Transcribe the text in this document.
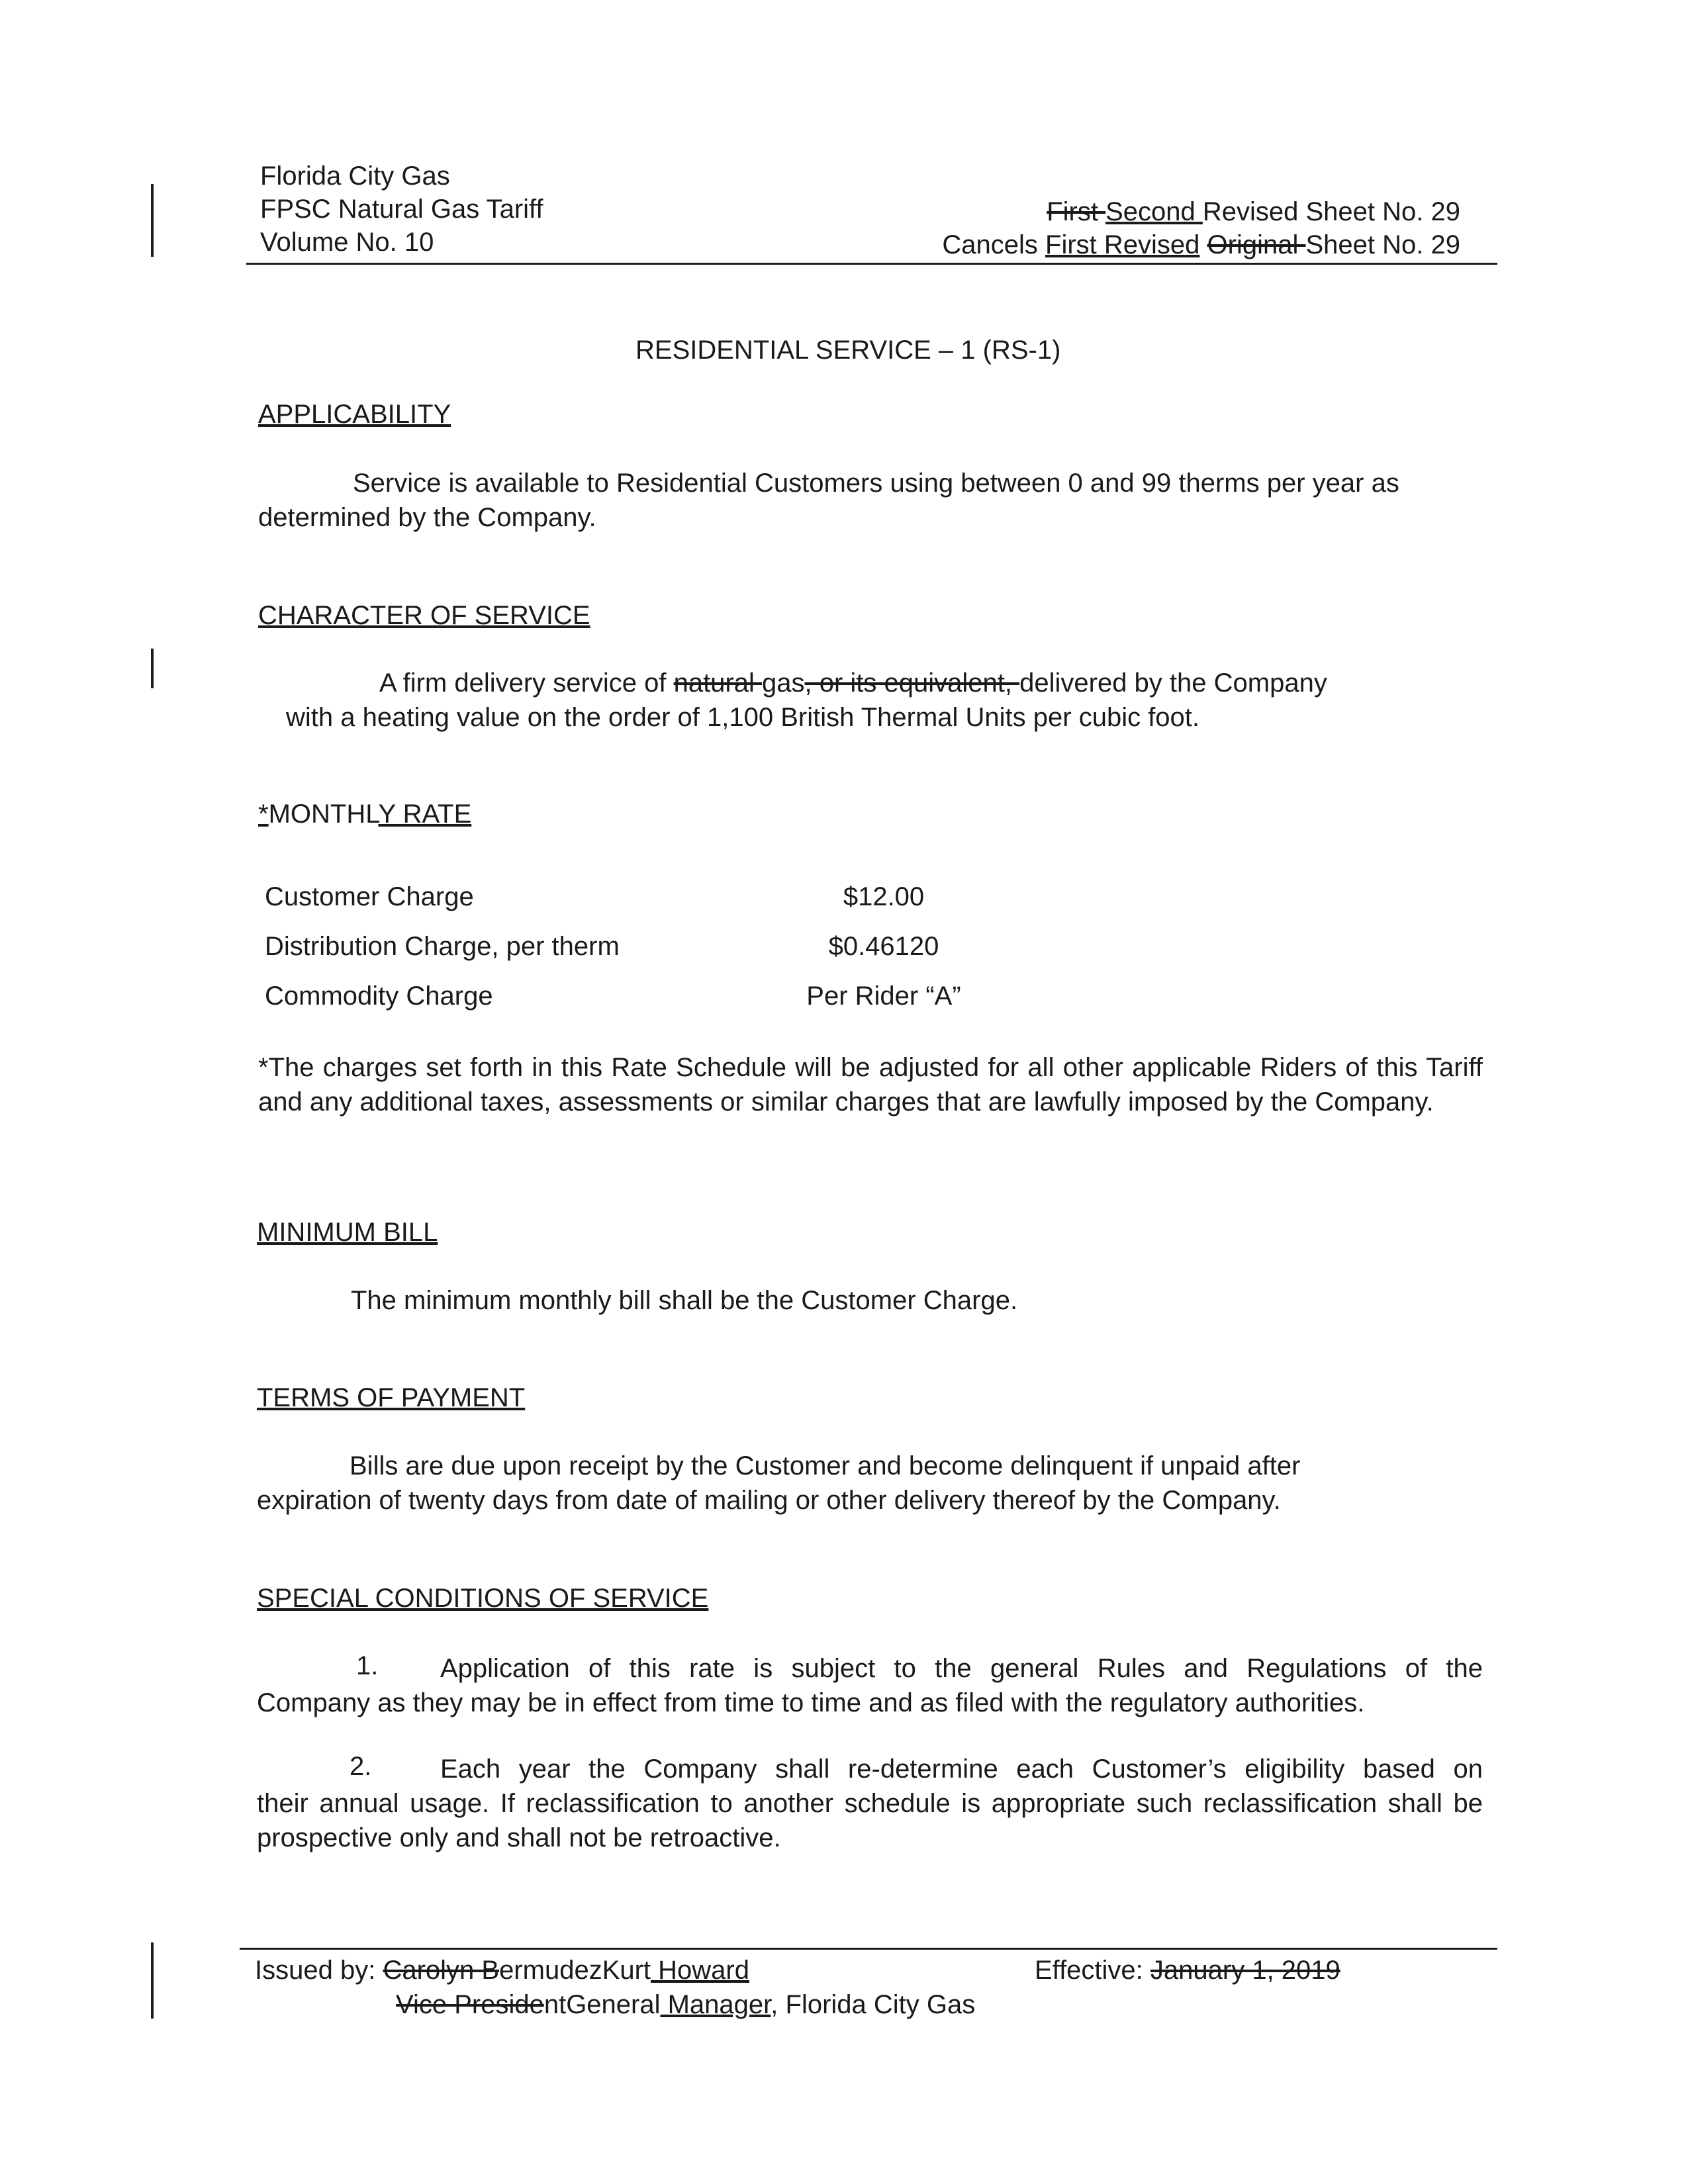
Florida City Gas
FPSC Natural Gas Tariff
Volume No. 10
First Second Revised Sheet No. 29
Cancels First Revised Original Sheet No. 29
RESIDENTIAL SERVICE – 1 (RS-1)
APPLICABILITY
Service is available to Residential Customers using between 0 and 99 therms per year as
determined by the Company.
CHARACTER OF SERVICE
A firm delivery service of natural gas, or its equivalent, delivered by the Company
with a heating value on the order of 1,100 British Thermal Units per cubic foot.
*MONTHLY RATE
Customer Charge	$12.00
Distribution Charge, per therm	$0.46120
Commodity Charge	Per Rider “A”
*The charges set forth in this Rate Schedule will be adjusted for all other applicable Riders of this Tariff and any additional taxes, assessments or similar charges that are lawfully imposed by the Company.
MINIMUM BILL
The minimum monthly bill shall be the Customer Charge.
TERMS OF PAYMENT
Bills are due upon receipt by the Customer and become delinquent if unpaid after
expiration of twenty days from date of mailing or other delivery thereof by the Company.
SPECIAL CONDITIONS OF SERVICE
1. Application of this rate is subject to the general Rules and Regulations of the
Company as they may be in effect from time to time and as filed with the regulatory authorities.
2.	Each year the Company shall re-determine each Customer’s eligibility based on
their annual usage. If reclassification to another schedule is appropriate such reclassification shall be prospective only and shall not be retroactive.
Issued by: Carolyn BermudezKurt Howard	Effective: January 1, 2019
Vice PresidentGeneral Manager, Florida City Gas
